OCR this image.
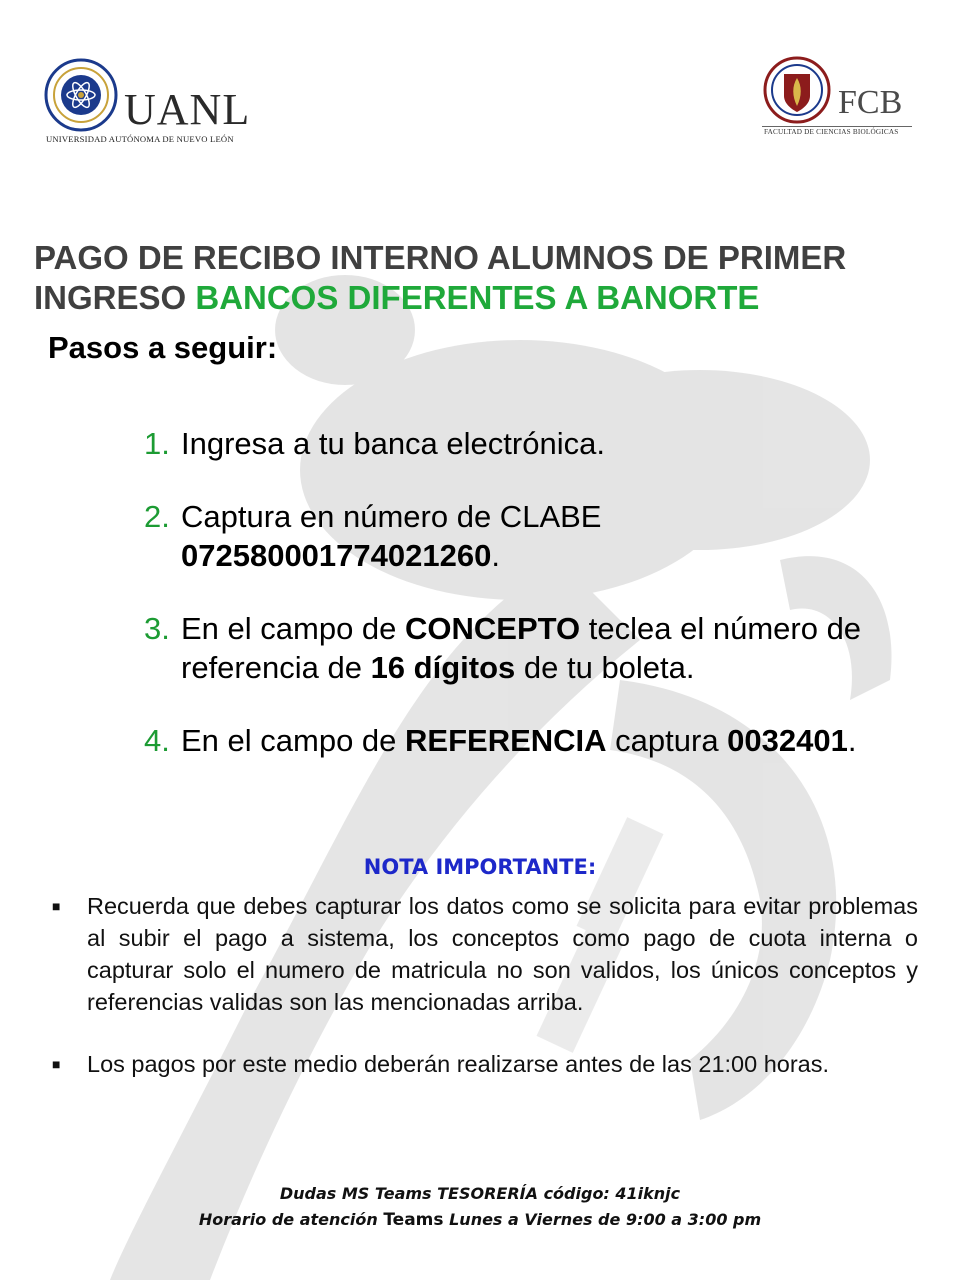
UANL
UNIVERSIDAD AUTÓNOMA DE NUEVO LEÓN
FCB
FACULTAD DE CIENCIAS BIOLÓGICAS
PAGO DE RECIBO INTERNO ALUMNOS DE PRIMER
INGRESO BANCOS DIFERENTES A BANORTE
Pasos a seguir:
1. Ingresa a tu banca electrónica.
2. Captura en número de CLABE 072580001774021260.
3. En el campo de CONCEPTO teclea el número de referencia de 16 dígitos de tu boleta.
4. En el campo de REFERENCIA captura 0032401.
NOTA IMPORTANTE:
■ Recuerda que debes capturar los datos como se solicita para evitar problemas al subir el pago a sistema, los conceptos como pago de cuota interna o capturar solo el numero de matricula no son validos, los únicos conceptos y referencias validas son las mencionadas arriba.
■ Los pagos por este medio deberán realizarse antes de las 21:00 horas.
Dudas MS Teams TESORERÍA código: 41iknjc
Horario de atención Teams Lunes a Viernes de 9:00 a 3:00 pm
